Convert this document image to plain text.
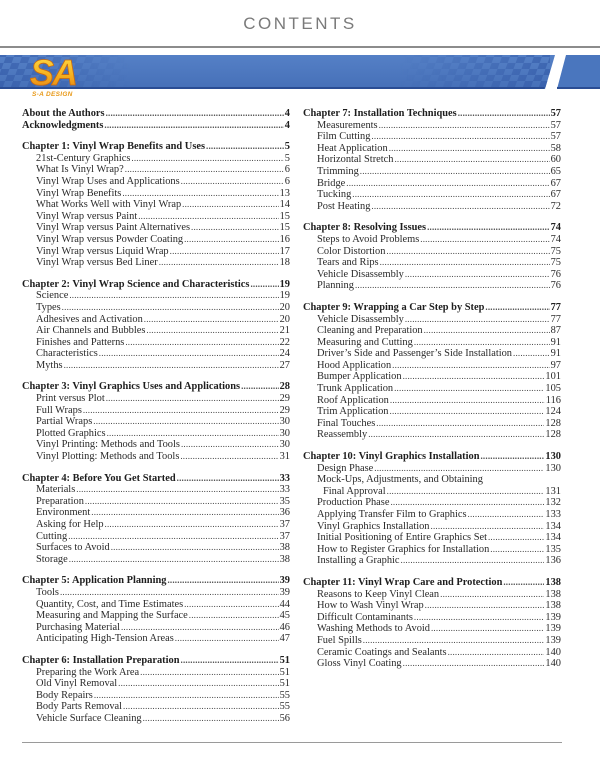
CONTENTS
SA
S-A DESIGN
About the Authors .....	4
Acknowledgments .....	4
Chapter 1: Vinyl Wrap Benefits and Uses .....	5
21st-Century Graphics .....	5
What Is Vinyl Wrap? .....	6
Vinyl Wrap Uses and Applications .....	6
Vinyl Wrap Benefits .....	13
What Works Well with Vinyl Wrap .....	14
Vinyl Wrap versus Paint .....	15
Vinyl Wrap versus Paint Alternatives .....	15
Vinyl Wrap versus Powder Coating .....	16
Vinyl Wrap versus Liquid Wrap .....	17
Vinyl Wrap versus Bed Liner .....	18
Chapter 2: Vinyl Wrap Science and Characteristics .....	19
Science .....	19
Types .....	20
Adhesives and Activation .....	20
Air Channels and Bubbles .....	21
Finishes and Patterns .....	22
Characteristics .....	24
Myths .....	27
Chapter 3: Vinyl Graphics Uses and Applications .....	28
Print versus Plot .....	29
Full Wraps .....	29
Partial Wraps .....	30
Plotted Graphics .....	30
Vinyl Printing: Methods and Tools .....	30
Vinyl Plotting: Methods and Tools .....	31
Chapter 4: Before You Get Started .....	33
Materials .....	33
Preparation .....	35
Environment .....	36
Asking for Help .....	37
Cutting .....	37
Surfaces to Avoid .....	38
Storage .....	38
Chapter 5: Application Planning .....	39
Tools .....	39
Quantity, Cost, and Time Estimates .....	44
Measuring and Mapping the Surface .....	45
Purchasing Material .....	46
Anticipating High-Tension Areas .....	47
Chapter 6: Installation Preparation .....	51
Preparing the Work Area .....	51
Old Vinyl Removal .....	51
Body Repairs .....	55
Body Parts Removal .....	55
Vehicle Surface Cleaning .....	56
Chapter 7: Installation Techniques .....	57
Measurements .....	57
Film Cutting .....	57
Heat Application .....	58
Horizontal Stretch .....	60
Trimming .....	65
Bridge .....	67
Tucking .....	67
Post Heating .....	72
Chapter 8: Resolving Issues .....	74
Steps to Avoid Problems .....	74
Color Distortion .....	75
Tears and Rips .....	75
Vehicle Disassembly .....	76
Planning .....	76
Chapter 9: Wrapping a Car Step by Step .....	77
Vehicle Disassembly .....	77
Cleaning and Preparation .....	87
Measuring and Cutting .....	91
Driver’s Side and Passenger’s Side Installation .....	91
Hood Application .....	97
Bumper Application .....	101
Trunk Application .....	105
Roof Application .....	116
Trim Application .....	124
Final Touches .....	128
Reassembly .....	128
Chapter 10: Vinyl Graphics Installation .....	130
Design Phase .....	130
Mock-Ups, Adjustments, and Obtaining
Final Approval .....	131
Production Phase .....	132
Applying Transfer Film to Graphics .....	133
Vinyl Graphics Installation .....	134
Initial Positioning of Entire Graphics Set .....	134
How to Register Graphics for Installation .....	135
Installing a Graphic .....	136
Chapter 11: Vinyl Wrap Care and Protection .....	138
Reasons to Keep Vinyl Clean .....	138
How to Wash Vinyl Wrap .....	138
Difficult Contaminants .....	139
Washing Methods to Avoid .....	139
Fuel Spills .....	139
Ceramic Coatings and Sealants .....	140
Gloss Vinyl Coating .....	140
